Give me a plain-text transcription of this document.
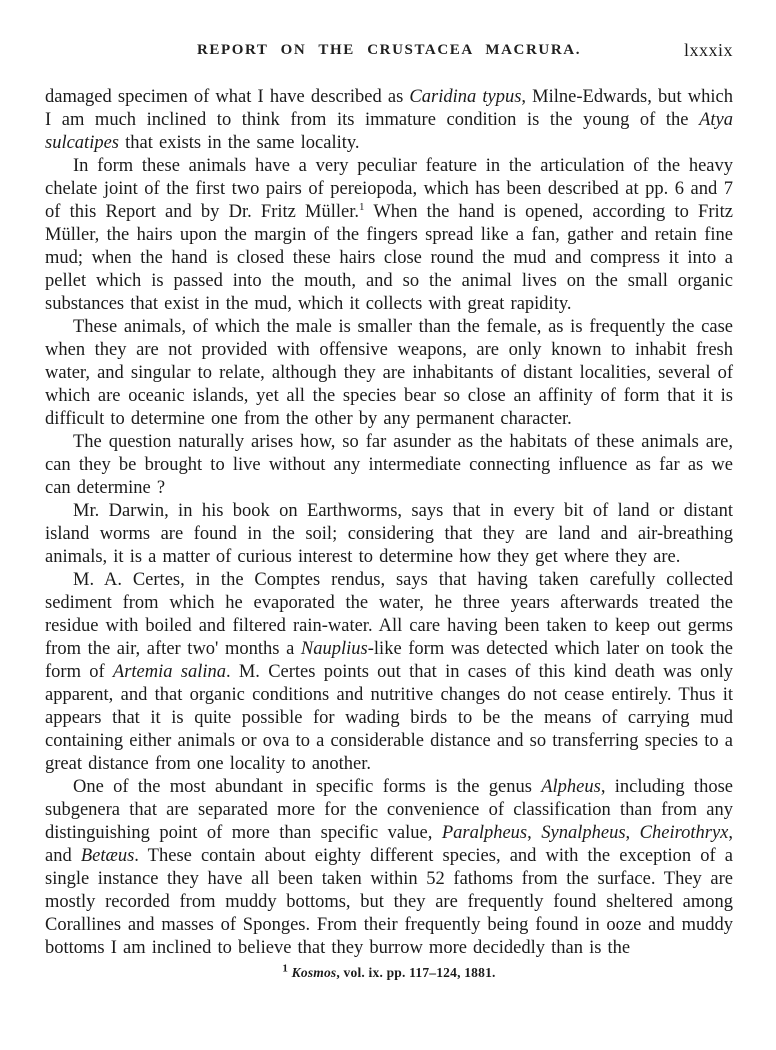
REPORT ON THE CRUSTACEA MACRURA.	lxxxix

damaged specimen of what I have described as Caridina typus, Milne-Edwards, but which I am much inclined to think from its immature condition is the young of the Atya sulcatipes that exists in the same locality.

In form these animals have a very peculiar feature in the articulation of the heavy chelate joint of the first two pairs of pereiopoda, which has been described at pp. 6 and 7 of this Report and by Dr. Fritz Müller.$^1$ When the hand is opened, according to Fritz Müller, the hairs upon the margin of the fingers spread like a fan, gather and retain fine mud; when the hand is closed these hairs close round the mud and compress it into a pellet which is passed into the mouth, and so the animal lives on the small organic substances that exist in the mud, which it collects with great rapidity.

These animals, of which the male is smaller than the female, as is frequently the case when they are not provided with offensive weapons, are only known to inhabit fresh water, and singular to relate, although they are inhabitants of distant localities, several of which are oceanic islands, yet all the species bear so close an affinity of form that it is difficult to determine one from the other by any permanent character.

The question naturally arises how, so far asunder as the habitats of these animals are, can they be brought to live without any intermediate connecting influence as far as we can determine ?

Mr. Darwin, in his book on Earthworms, says that in every bit of land or distant island worms are found in the soil; considering that they are land and air-breathing animals, it is a matter of curious interest to determine how they get where they are.

M. A. Certes, in the Comptes rendus, says that having taken carefully collected sediment from which he evaporated the water, he three years afterwards treated the residue with boiled and filtered rain-water. All care having been taken to keep out germs from the air, after two' months a Nauplius-like form was detected which later on took the form of Artemia salina. M. Certes points out that in cases of this kind death was only apparent, and that organic conditions and nutritive changes do not cease entirely. Thus it appears that it is quite possible for wading birds to be the means of carrying mud containing either animals or ova to a considerable distance and so transferring species to a great distance from one locality to another.

One of the most abundant in specific forms is the genus Alpheus, including those subgenera that are separated more for the convenience of classification than from any distinguishing point of more than specific value, Paralpheus, Synalpheus, Cheirothryx, and Betæus. These contain about eighty different species, and with the exception of a single instance they have all been taken within 52 fathoms from the surface. They are mostly recorded from muddy bottoms, but they are frequently found sheltered among Corallines and masses of Sponges. From their frequently being found in ooze and muddy bottoms I am inclined to believe that they burrow more decidedly than is the

$^1$ Kosmos, vol. ix. pp. 117–124, 1881.
